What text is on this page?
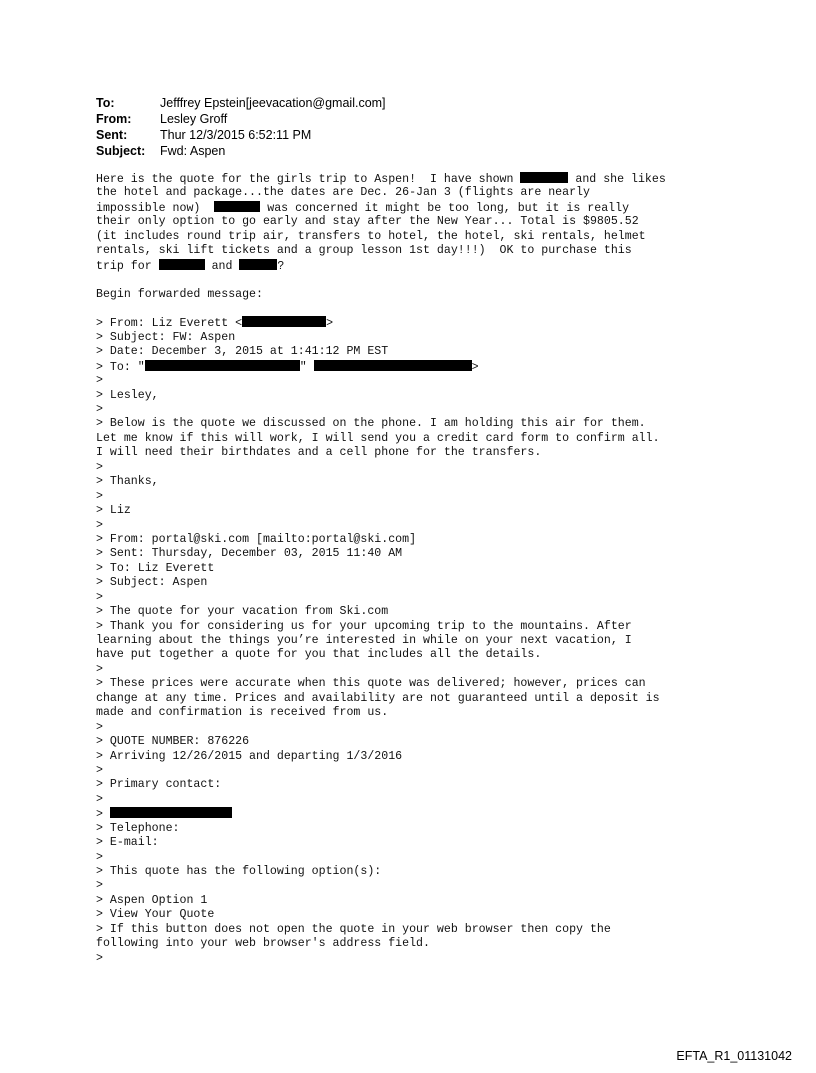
To:	Jefffrey Epstein[jeevacation@gmail.com]
From:	Lesley Groff
Sent:	Thur 12/3/2015 6:52:11 PM
Subject:	Fwd: Aspen
Here is the quote for the girls trip to Aspen!  I have shown	and she likes
the hotel and package...the dates are Dec. 26-Jan 3 (flights are nearly
impossible now)	was concerned it might be too long, but it is really
their only option to go early and stay after the New Year... Total is $9805.52
(it includes round trip air, transfers to hotel, the hotel, ski rentals, helmet
rentals, ski lift tickets and a group lesson 1st day!!!)  OK to purchase this
trip for	and	?
Begin forwarded message:
> From: Liz Everett <	>
> Subject: FW: Aspen
> Date: December 3, 2015 at 1:41:12 PM EST
> To: "	"	>
>
> Lesley,
>
> Below is the quote we discussed on the phone. I am holding this air for them.
Let me know if this will work, I will send you a credit card form to confirm all.
I will need their birthdates and a cell phone for the transfers.
>
> Thanks,
>
> Liz
>
> From: portal@ski.com [mailto:portal@ski.com]
> Sent: Thursday, December 03, 2015 11:40 AM
> To: Liz Everett
> Subject: Aspen
>
> The quote for your vacation from Ski.com
> Thank you for considering us for your upcoming trip to the mountains. After
learning about the things you’re interested in while on your next vacation, I
have put together a quote for you that includes all the details.
>
> These prices were accurate when this quote was delivered; however, prices can
change at any time. Prices and availability are not guaranteed until a deposit is
made and confirmation is received from us.
>
> QUOTE NUMBER: 876226
> Arriving 12/26/2015 and departing 1/3/2016
>
> Primary contact:
>
>
> Telephone:
> E-mail:
>
> This quote has the following option(s):
>
> Aspen Option 1
> View Your Quote
> If this button does not open the quote in your web browser then copy the
following into your web browser's address field.
>
EFTA_R1_01131042
